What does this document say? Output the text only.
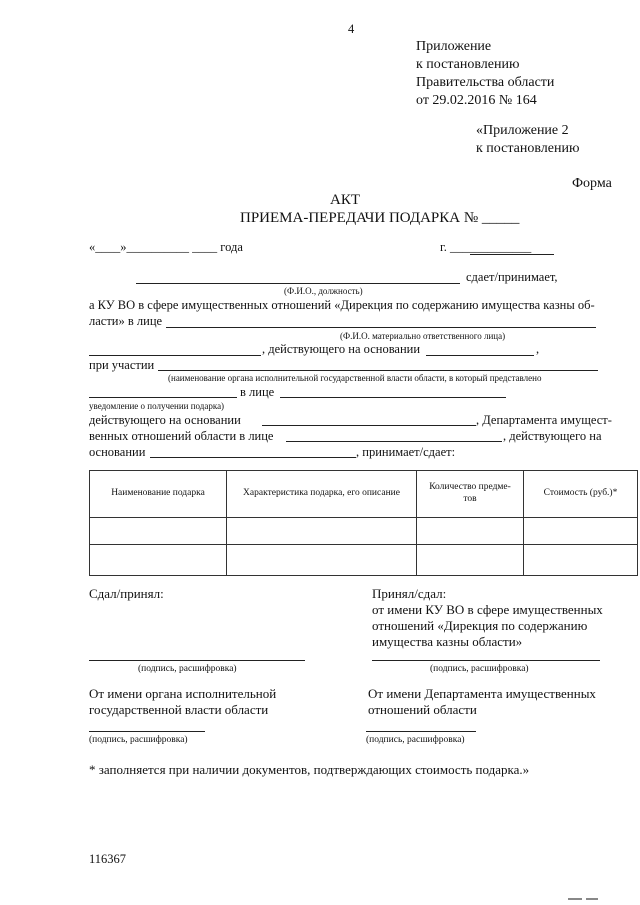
4
Приложение
к постановлению
Правительства области
от 29.02.2016 № 164
«Приложение 2
к постановлению
Форма
АКТ
ПРИЕМА-ПЕРЕДАЧИ ПОДАРКА № _____
«____»__________ ____ года	г. _____________
сдает/принимает,
(Ф.И.О., должность)
а КУ ВО в сфере имущественных отношений «Дирекция по содержанию имущества казны об-
ласти» в лице
(Ф.И.О. материально ответственного лица)
, действующего на основании	,
при участии
(наименование органа исполнительной государственной власти области, в который представлено
в лице
уведомление о получении подарка)
действующего на основании	, Департамента имущест-
венных отношений области в лице	, действующего на
основании	, принимает/сдает:
Наименование подарка	Характеристика подарка, его описание	Количество предме-тов	Стоимость (руб.)*

Сдал/принял:	Принял/сдал:
от имени КУ ВО в сфере имущественных
отношений «Дирекция по содержанию
имущества казны области»
(подпись, расшифровка)	(подпись, расшифровка)
От имени органа исполнительной
государственной власти области
От имени Департамента имущественных
отношений области
(подпись, расшифровка)	(подпись, расшифровка)
* заполняется при наличии документов, подтверждающих стоимость подарка.»
116367
